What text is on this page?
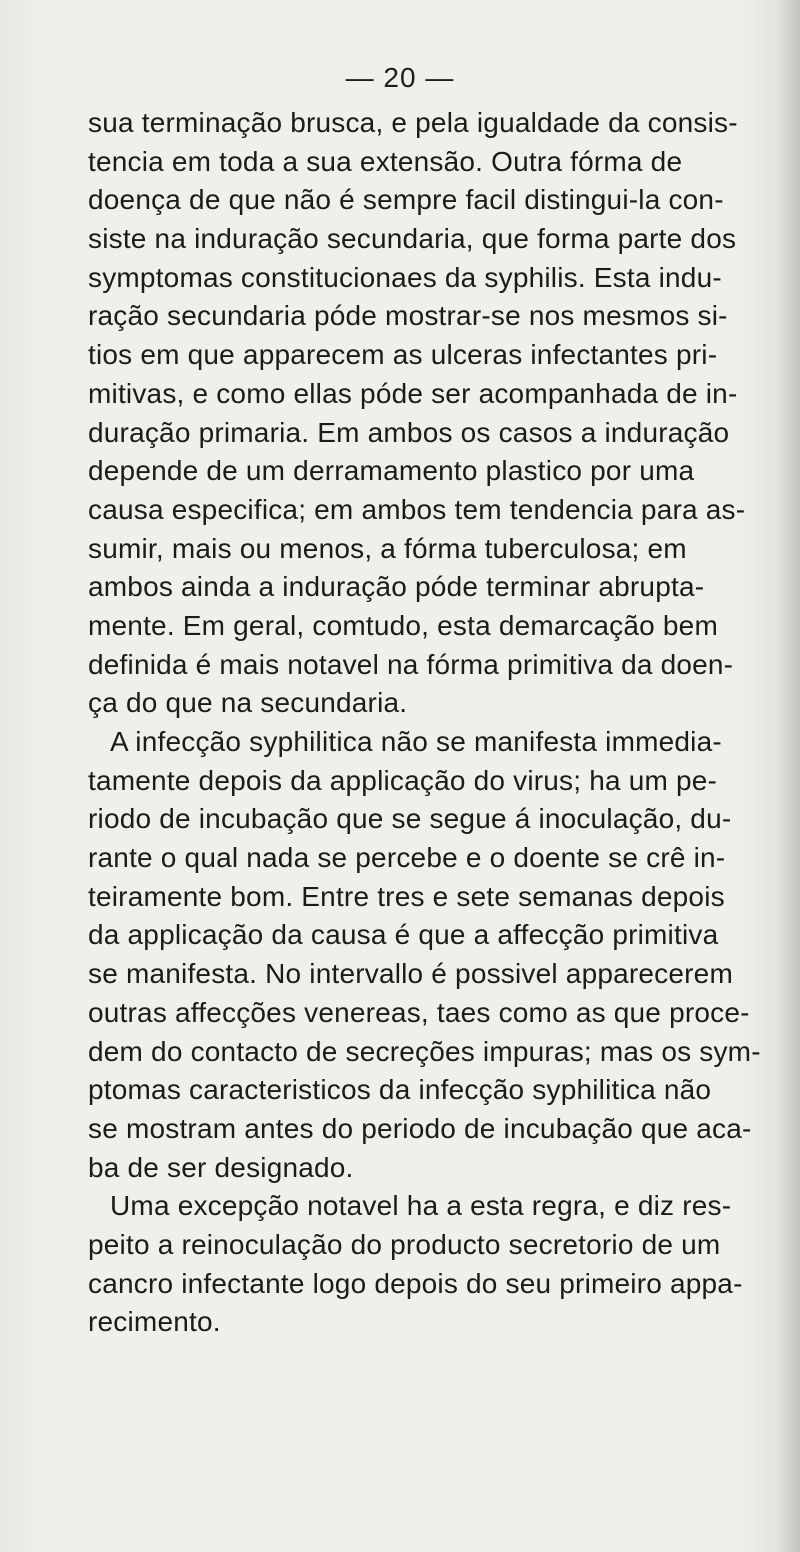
— 20 —
sua terminação brusca, e pela igualdade da consis-
tencia em toda a sua extensão. Outra fórma de
doença de que não é sempre facil distingui-la con-
siste na induração secundaria, que forma parte dos
symptomas constitucionaes da syphilis. Esta indu-
ração secundaria póde mostrar-se nos mesmos si-
tios em que apparecem as ulceras infectantes pri-
mitivas, e como ellas póde ser acompanhada de in-
duração primaria. Em ambos os casos a induração
depende de um derramamento plastico por uma
causa especifica; em ambos tem tendencia para as-
sumir, mais ou menos, a fórma tuberculosa; em
ambos ainda a induração póde terminar abrupta-
mente. Em geral, comtudo, esta demarcação bem
definida é mais notavel na fórma primitiva da doen-
ça do que na secundaria.
A infecção syphilitica não se manifesta immedia-
tamente depois da applicação do virus; ha um pe-
riodo de incubação que se segue á inoculação, du-
rante o qual nada se percebe e o doente se crê in-
teiramente bom. Entre tres e sete semanas depois
da applicação da causa é que a affecção primitiva
se manifesta. No intervallo é possivel apparecerem
outras affecções venereas, taes como as que proce-
dem do contacto de secreções impuras; mas os sym-
ptomas caracteristicos da infecção syphilitica não
se mostram antes do periodo de incubação que aca-
ba de ser designado.
Uma excepção notavel ha a esta regra, e diz res-
peito a reinoculação do producto secretorio de um
cancro infectante logo depois do seu primeiro appa-
recimento.
